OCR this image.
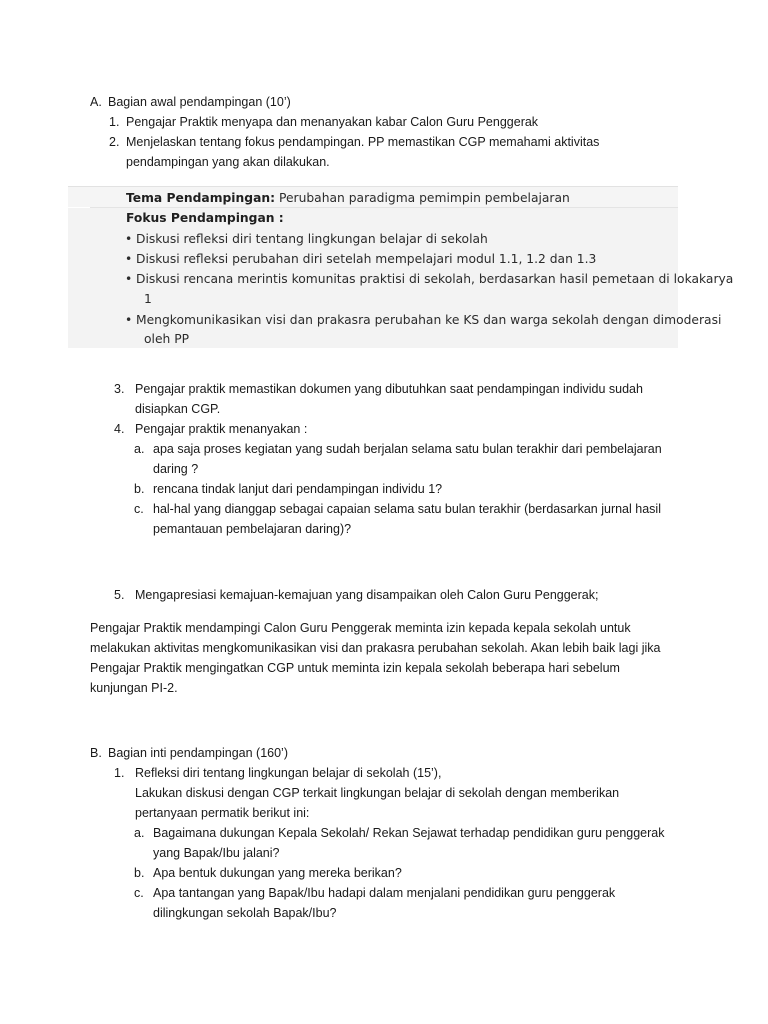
A. Bagian awal pendampingan (10’)
1. Pengajar Praktik menyapa dan menanyakan kabar Calon Guru Penggerak
2. Menjelaskan tentang fokus pendampingan. PP memastikan CGP memahami aktivitas
pendampingan yang akan dilakukan.
Tema Pendampingan: Perubahan paradigma pemimpin pembelajaran
Fokus Pendampingan :
• Diskusi refleksi diri tentang lingkungan belajar di sekolah
• Diskusi refleksi perubahan diri setelah mempelajari modul 1.1, 1.2 dan 1.3
• Diskusi rencana merintis komunitas praktisi di sekolah, berdasarkan hasil pemetaan di lokakarya
1
• Mengkomunikasikan visi dan prakasra perubahan ke KS dan warga sekolah dengan dimoderasi
oleh PP
3. Pengajar praktik memastikan dokumen yang dibutuhkan saat pendampingan individu sudah
disiapkan CGP.
4. Pengajar praktik menanyakan :
a. apa saja proses kegiatan yang sudah berjalan selama satu bulan terakhir dari pembelajaran
daring ?
b. rencana tindak lanjut dari pendampingan individu 1?
c. hal-hal yang dianggap sebagai capaian selama satu bulan terakhir (berdasarkan jurnal hasil
pemantauan pembelajaran daring)?
5. Mengapresiasi kemajuan-kemajuan yang disampaikan oleh Calon Guru Penggerak;
Pengajar Praktik mendampingi Calon Guru Penggerak meminta izin kepada kepala sekolah untuk
melakukan aktivitas mengkomunikasikan visi dan prakasra perubahan sekolah. Akan lebih baik lagi jika
Pengajar Praktik mengingatkan CGP untuk meminta izin kepala sekolah beberapa hari sebelum
kunjungan PI-2.
B. Bagian inti pendampingan (160’)
1. Refleksi diri tentang lingkungan belajar di sekolah (15’),
Lakukan diskusi dengan CGP terkait lingkungan belajar di sekolah dengan memberikan
pertanyaan permatik berikut ini:
a. Bagaimana dukungan Kepala Sekolah/ Rekan Sejawat terhadap pendidikan guru penggerak
yang Bapak/Ibu jalani?
b. Apa bentuk dukungan yang mereka berikan?
c. Apa tantangan yang Bapak/Ibu hadapi dalam menjalani pendidikan guru penggerak
dilingkungan sekolah Bapak/Ibu?
